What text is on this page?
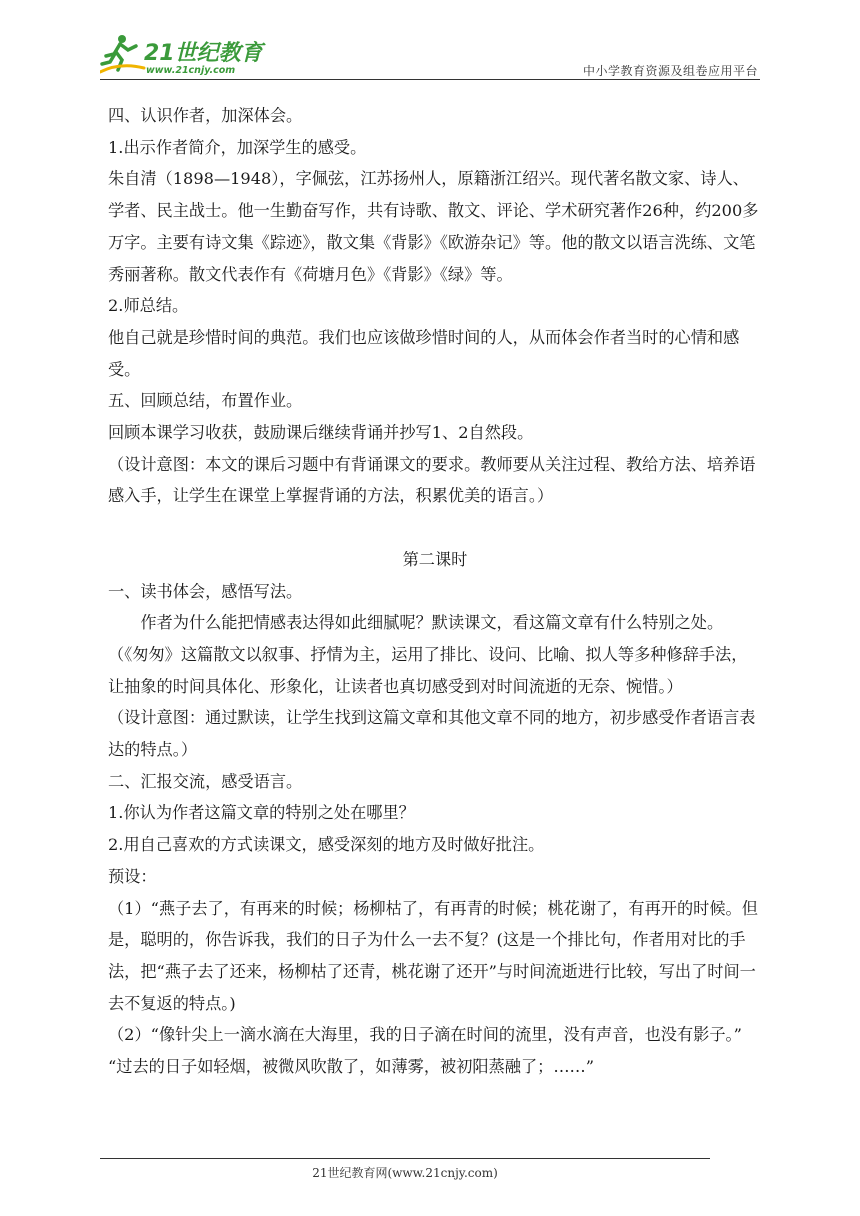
21世纪教育
www.21cnjy.com	中小学教育资源及组卷应用平台

四、认识作者，加深体会。

1.出示作者简介，加深学生的感受。

朱自清（1898—1948），字佩弦，江苏扬州人，原籍浙江绍兴。现代著名散文家、诗人、学者、民主战士。他一生勤奋写作，共有诗歌、散文、评论、学术研究著作26种，约200多万字。主要有诗文集《踪迹》，散文集《背影》《欧游杂记》等。他的散文以语言洗练、文笔秀丽著称。散文代表作有《荷塘月色》《背影》《绿》等。

2.师总结。

他自己就是珍惜时间的典范。我们也应该做珍惜时间的人，从而体会作者当时的心情和感受。

五、回顾总结，布置作业。

回顾本课学习收获，鼓励课后继续背诵并抄写1、2自然段。

（设计意图：本文的课后习题中有背诵课文的要求。教师要从关注过程、教给方法、培养语感入手，让学生在课堂上掌握背诵的方法，积累优美的语言。）

第二课时

一、读书体会，感悟写法。

作者为什么能把情感表达得如此细腻呢？默读课文，看这篇文章有什么特别之处。

（《匆匆》这篇散文以叙事、抒情为主，运用了排比、设问、比喻、拟人等多种修辞手法，让抽象的时间具体化、形象化，让读者也真切感受到对时间流逝的无奈、惋惜。）

（设计意图：通过默读，让学生找到这篇文章和其他文章不同的地方，初步感受作者语言表达的特点。）

二、汇报交流，感受语言。

1.你认为作者这篇文章的特别之处在哪里？

2.用自己喜欢的方式读课文，感受深刻的地方及时做好批注。

预设：

（1）“燕子去了，有再来的时候；杨柳枯了，有再青的时候；桃花谢了，有再开的时候。但是，聪明的，你告诉我，我们的日子为什么一去不复？(这是一个排比句，作者用对比的手法，把“燕子去了还来，杨柳枯了还青，桃花谢了还开”与时间流逝进行比较，写出了时间一去不复返的特点。)

（2）“像针尖上一滴水滴在大海里，我的日子滴在时间的流里，没有声音，也没有影子。”

“过去的日子如轻烟，被微风吹散了，如薄雾，被初阳蒸融了；……”

21世纪教育网(www.21cnjy.com)
